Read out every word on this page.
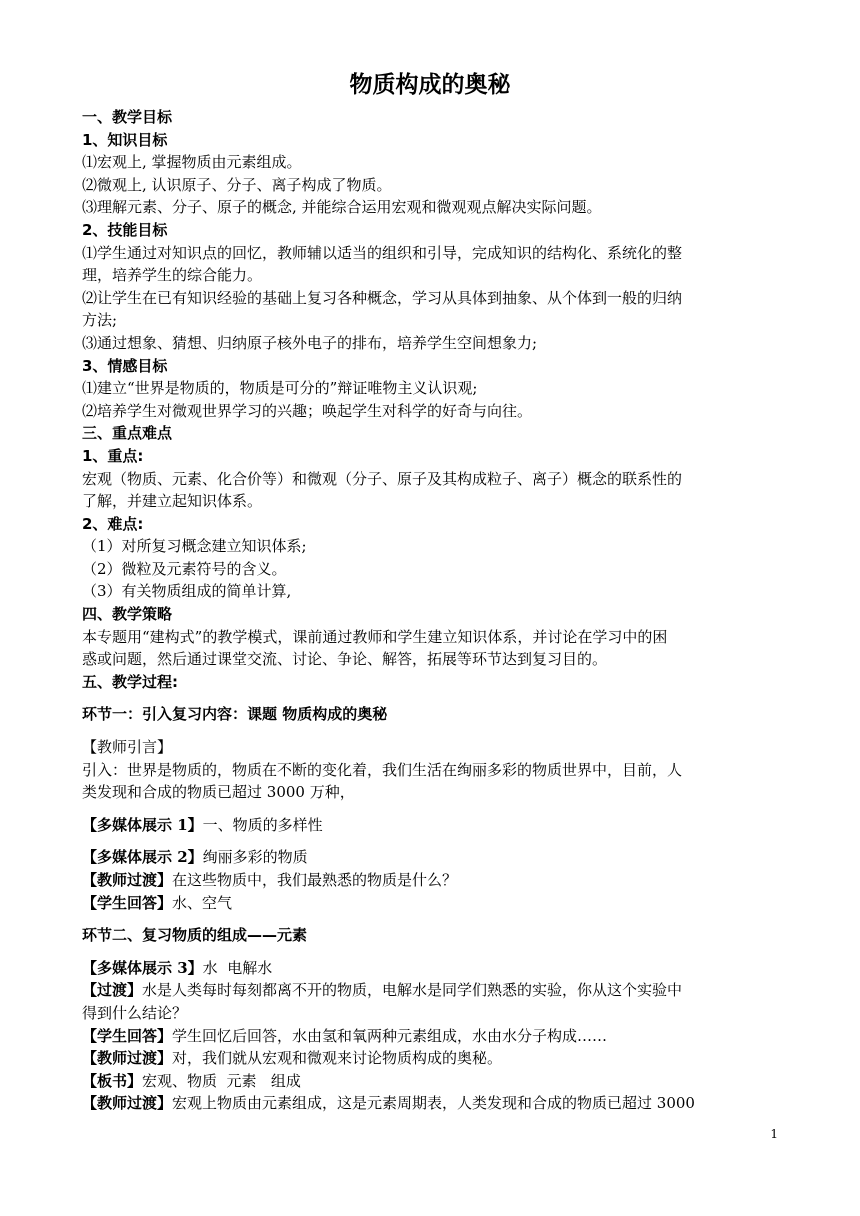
物质构成的奥秘
一、教学目标
1、知识目标
⑴宏观上, 掌握物质由元素组成。
⑵微观上, 认识原子、分子、离子构成了物质。
⑶理解元素、分子、原子的概念, 并能综合运用宏观和微观观点解决实际问题。
2、技能目标
⑴学生通过对知识点的回忆，教师辅以适当的组织和引导，完成知识的结构化、系统化的整
理，培养学生的综合能力。
⑵让学生在已有知识经验的基础上复习各种概念，学习从具体到抽象、从个体到一般的归纳
方法;
⑶通过想象、猜想、归纳原子核外电子的排布，培养学生空间想象力;
3、情感目标
⑴建立“世界是物质的，物质是可分的”辩证唯物主义认识观;
⑵培养学生对微观世界学习的兴趣；唤起学生对科学的好奇与向往。
三、重点难点
1、重点:
宏观（物质、元素、化合价等）和微观（分子、原子及其构成粒子、离子）概念的联系性的
了解，并建立起知识体系。
2、难点:
（1）对所复习概念建立知识体系;
（2）微粒及元素符号的含义。
（3）有关物质组成的简单计算,
四、教学策略
本专题用“建构式”的教学模式，课前通过教师和学生建立知识体系，并讨论在学习中的困
惑或问题，然后通过课堂交流、讨论、争论、解答，拓展等环节达到复习目的。
五、教学过程:
环节一：引入复习内容：课题 物质构成的奥秘
【教师引言】
引入：世界是物质的，物质在不断的变化着，我们生活在绚丽多彩的物质世界中，目前，人
类发现和合成的物质已超过 3000 万种，
【多媒体展示 1】一、物质的多样性
【多媒体展示 2】绚丽多彩的物质
【教师过渡】在这些物质中，我们最熟悉的物质是什么？
【学生回答】水、空气
环节二、复习物质的组成——元素
【多媒体展示 3】水  电解水
【过渡】水是人类每时每刻都离不开的物质，电解水是同学们熟悉的实验，你从这个实验中
得到什么结论？
【学生回答】学生回忆后回答，水由氢和氧两种元素组成，水由水分子构成……
【教师过渡】对，我们就从宏观和微观来讨论物质构成的奥秘。
【板书】宏观、物质  元素   组成
【教师过渡】宏观上物质由元素组成，这是元素周期表，人类发现和合成的物质已超过 3000
1
